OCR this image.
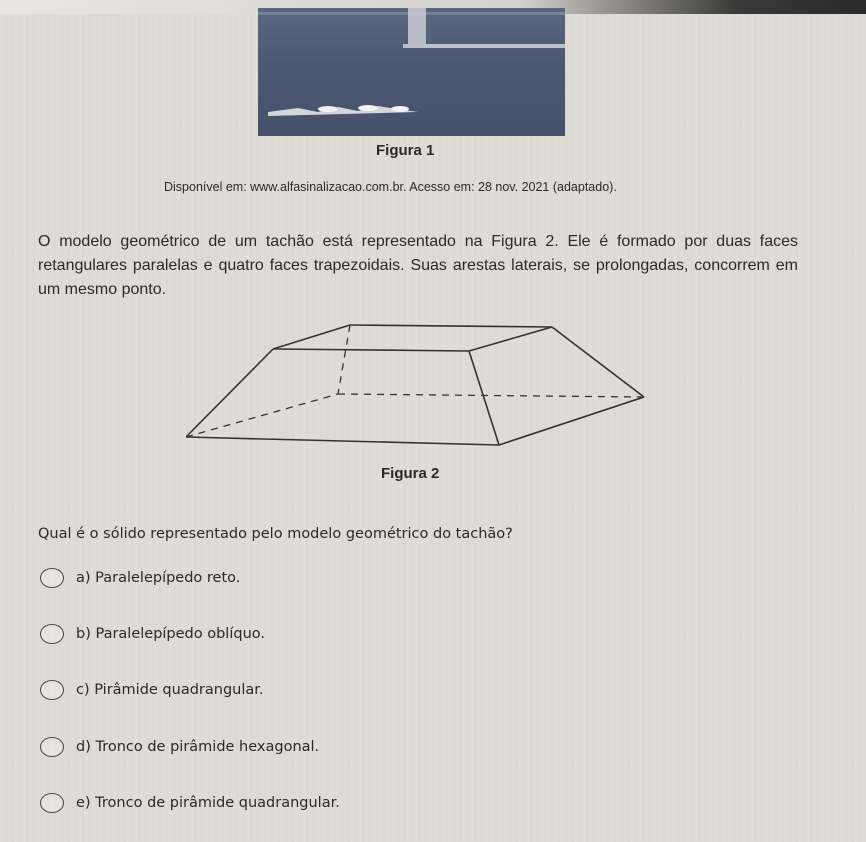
Figura 1
Disponível em: www.alfasinalizacao.com.br. Acesso em: 28 nov. 2021 (adaptado).
O modelo geométrico de um tachão está representado na Figura 2. Ele é formado por duas faces retangulares paralelas e quatro faces trapezoidais. Suas arestas laterais, se prolongadas, concorrem em um mesmo ponto.
Figura 2
Qual é o sólido representado pelo modelo geométrico do tachão?
a) Paralelepípedo reto.
b) Paralelepípedo oblíquo.
c) Pirâmide quadrangular.
d) Tronco de pirâmide hexagonal.
e) Tronco de pirâmide quadrangular.
